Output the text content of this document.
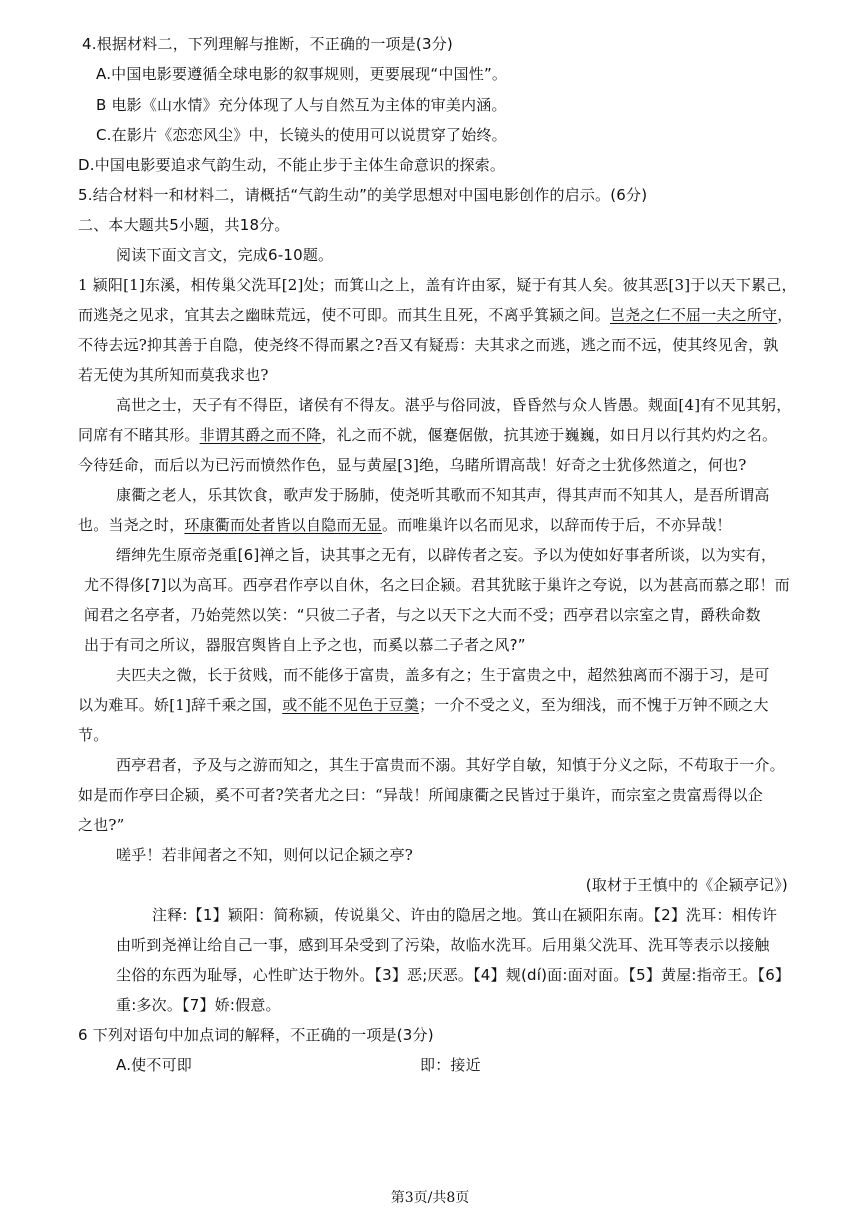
4.根据材料二，下列理解与推断，不正确的一项是(3分)
A.中国电影要遵循全球电影的叙事规则，更要展现“中国性”。
B 电影《山水情》充分体现了人与自然互为主体的审美内涵。
C.在影片《恋恋风尘》中，长镜头的使用可以说贯穿了始终。
D.中国电影要追求气韵生动，不能止步于主体生命意识的探索。
5.结合材料一和材料二，请概括“气韵生动”的美学思想对中国电影创作的启示。(6分)
二、本大题共5小题，共18分。
阅读下面文言文，完成6-10题。
1 颍阳[1]东溪，相传巢父洗耳[2]处；而箕山之上，盖有许由冢，疑于有其人矣。彼其恶[3]于以天下累己，
而逃尧之见求，宜其去之幽昧荒远，使不可即。而其生且死，不离乎箕颍之间。岂尧之仁不屈一夫之所守，
不待去远?抑其善于自隐，使尧终不得而累之?吾又有疑焉：夫其求之而逃，逃之而不远，使其终见舍，孰
若无使为其所知而莫我求也?
高世之士，天子有不得臣，诸侯有不得友。湛乎与俗同波，昏昏然与众人皆愚。觌面[4]有不见其躬，
同席有不睹其形。非谓其爵之而不降，礼之而不就，偃蹇倨傲，抗其迹于巍巍，如日月以行其灼灼之名。
今待廷命，而后以为已污而愤然作色，显与黄屋[3]绝，乌睹所谓高哉！好奇之士犹侈然道之，何也?
康衢之老人，乐其饮食，歌声发于肠肺，使尧听其歌而不知其声，得其声而不知其人，是吾所谓高
也。当尧之时，环康衢而处者皆以自隐而无显。而唯巢许以名而见求，以辞而传于后，不亦异哉！
缙绅先生原帝尧重[6]禅之旨，诀其事之无有，以辟传者之妄。予以为使如好事者所谈，以为实有，
尤不得侈[7]以为高耳。西亭君作亭以自休，名之曰企颍。君其犹眩于巢许之夸说，以为甚高而慕之耶！而
闻君之名亭者，乃始莞然以笑：“只彼二子者，与之以天下之大而不受；西亭君以宗室之胄，爵秩命数
出于有司之所议，器服宫舆皆自上予之也，而奚以慕二子者之风?”
夫匹夫之微，长于贫贱，而不能侈于富贵，盖多有之；生于富贵之中，超然独离而不溺于习，是可
以为难耳。娇[1]辞千乘之国，或不能不见色于豆羹；一介不受之义，至为细浅，而不愧于万钟不顾之大
节。
西亭君者，予及与之游而知之，其生于富贵而不溺。其好学自敏，知慎于分义之际，不苟取于一介。
如是而作亭曰企颍，奚不可者?笑者尤之曰：“异哉！所闻康衢之民皆过于巢许，而宗室之贵富焉得以企
之也?”
嗟乎！若非闻者之不知，则何以记企颍之亭?
(取材于王慎中的《企颍亭记》)
注释:【1】颖阳：简称颍，传说巢父、许由的隐居之地。箕山在颍阳东南。【2】洗耳：相传许
由听到尧禅让给自己一事，感到耳朵受到了污染，故临水洗耳。后用巢父洗耳、洗耳等表示以接触
尘俗的东西为耻辱，心性旷达于物外。【3】恶;厌恶。【4】觌(dí)面:面对面。【5】黄屋:指帝王。【6】
重:多次。【7】娇:假意。
6 下列对语句中加点词的解释，不正确的一项是(3分)
A.使不可即	即：接近
第3页/共8页
